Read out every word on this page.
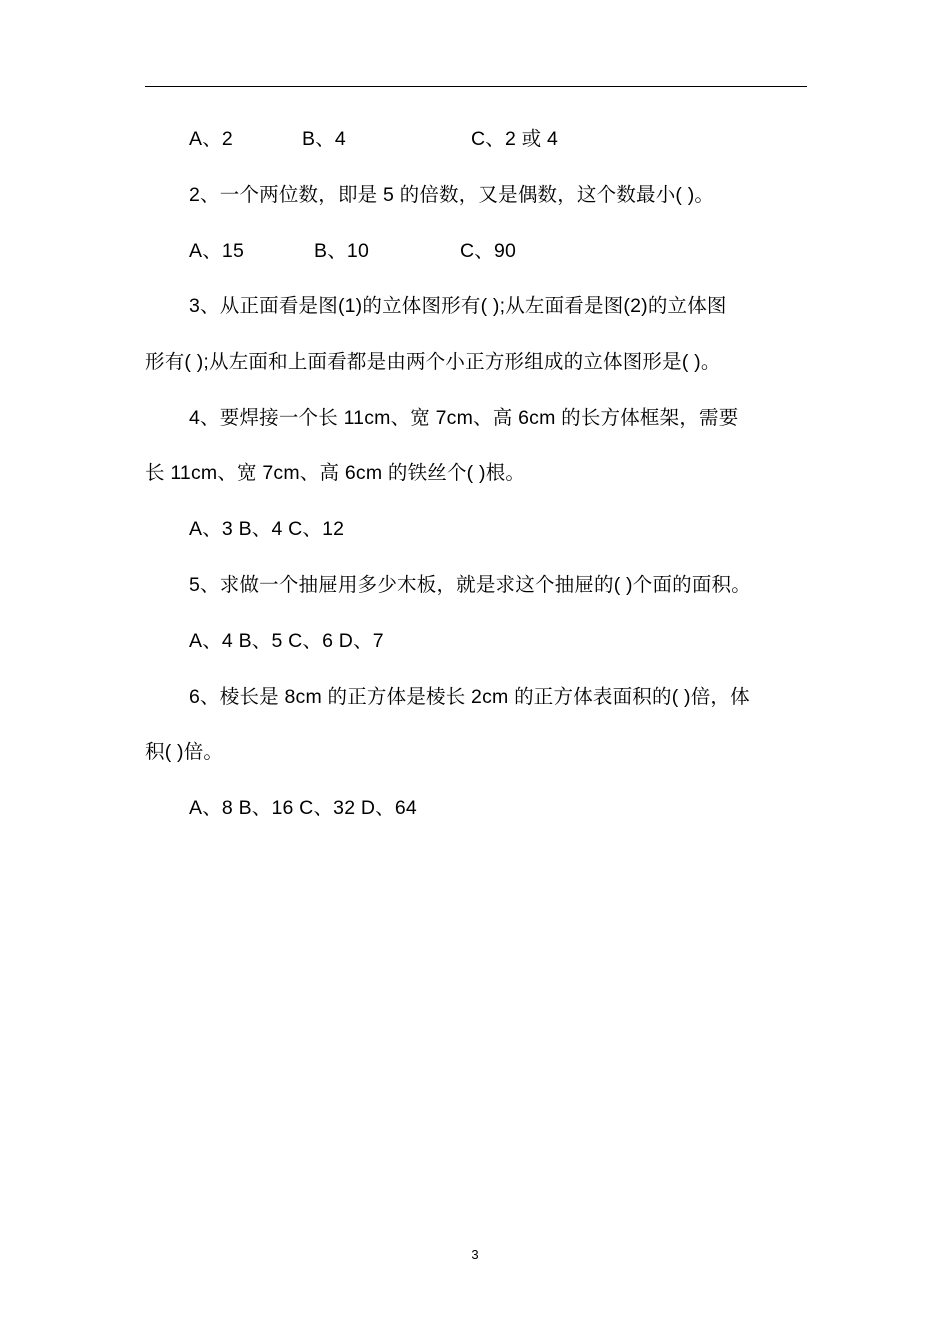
A、2	B、4	C、2 或 4
2、一个两位数，即是 5 的倍数，又是偶数，这个数最小( )。
A、15	B、10	C、90
3、从正面看是图(1)的立体图形有( );从左面看是图(2)的立体图
形有( );从左面和上面看都是由两个小正方形组成的立体图形是( )。
4、要焊接一个长 11cm、宽 7cm、高 6cm 的长方体框架，需要
长 11cm、宽 7cm、高 6cm 的铁丝个( )根。
A、3 B、4 C、12
5、求做一个抽屉用多少木板，就是求这个抽屉的( )个面的面积。
A、4 B、5 C、6 D、7
6、棱长是 8cm 的正方体是棱长 2cm 的正方体表面积的( )倍，体
积( )倍。
A、8 B、16 C、32 D、64
3
